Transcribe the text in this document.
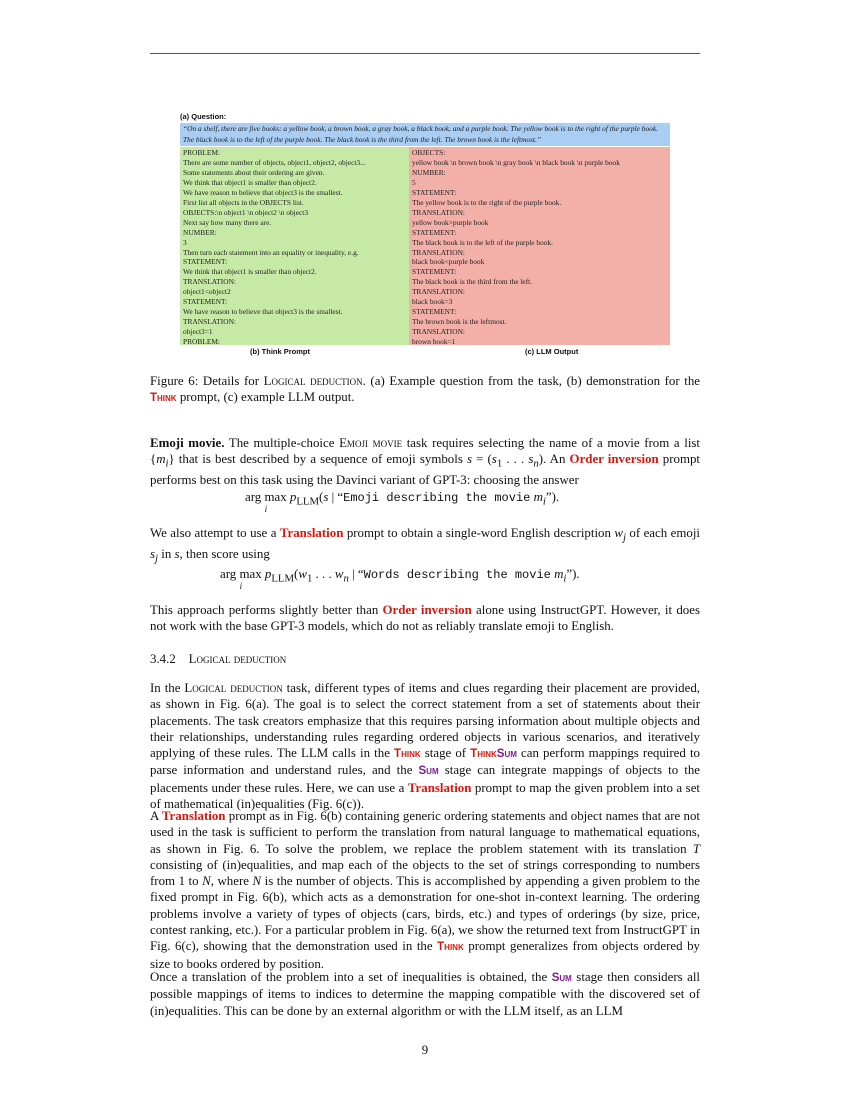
(a) Question:
“On a shelf, there are five books: a yellow book, a brown book, a gray book, a black book, and a purple book. The yellow book is to the right of the purple book. The black book is to the left of the purple book. The black book is the third from the left. The brown book is the leftmost.”
PROBLEM:
There are some number of objects, object1, object2, object3...
Some statements about their ordering are given.
We think that object1 is smaller than object2.
We have reason to believe that object3 is the smallest.
First list all objects in the OBJECTS list.
OBJECTS:\n object1 \n object2 \n object3
Next say how many there are.
NUMBER:
3
Then turn each statement into an equality or inequality, e.g.
STATEMENT:
We think that object1 is smaller than object2.
TRANSLATION:
object1<object2
STATEMENT:
We have reason to believe that object3 is the smallest.
TRANSLATION:
object3=1
PROBLEM:
OBJECTS:
yellow book \n brown book \n gray book \n black book \n purple book
NUMBER:
5
STATEMENT:
The yellow book is to the right of the purple book.
TRANSLATION:
yellow book>purple book
STATEMENT:
The black book is to the left of the purple book.
TRANSLATION:
black book<purple book
STATEMENT:
The black book is the third from the left.
TRANSLATION:
black book=3
STATEMENT:
The brown book is the leftmost.
TRANSLATION:
brown book=1
(b) Think Prompt	(c) LLM Output
Figure 6: Details for Logical deduction. (a) Example question from the task, (b) demonstration for the Think prompt, (c) example LLM output.
Emoji movie. The multiple-choice Emoji movie task requires selecting the name of a movie from a list $\{m_i\}$ that is best described by a sequence of emoji symbols $s = (s_1$ . . . $s_n$). An Order inversion prompt performs best on this task using the Davinci variant of GPT-3: choosing the answer
arg max
i
$p_{LLM}(s$ | “Emoji describing the movie $m_i$”).
We also attempt to use a Translation prompt to obtain a single-word English description $w_j$ of each emoji $s_j$ in s, then score using
arg max
i
$p_{LLM}(w_1$ . . . $w_n$ | “Words describing the movie $m_i$”).
This approach performs slightly better than Order inversion alone using InstructGPT. However, it does not work with the base GPT-3 models, which do not as reliably translate emoji to English.
3.4.2 Logical deduction
In the Logical deduction task, different types of items and clues regarding their placement are provided, as shown in Fig. 6(a). The goal is to select the correct statement from a set of statements about their placements. The task creators emphasize that this requires parsing information about multiple objects and their relationships, understanding rules regarding ordered objects in various scenarios, and iteratively applying of these rules. The LLM calls in the Think stage of ThinkSum can perform mappings required to parse information and understand rules, and the Sum stage can integrate mappings of objects to the placements under these rules. Here, we can use a Translation prompt to map the given problem into a set of mathematical (in)equalities (Fig. 6(c)).
A Translation prompt as in Fig. 6(b) containing generic ordering statements and object names that are not used in the task is sufficient to perform the translation from natural language to mathematical equations, as shown in Fig. 6. To solve the problem, we replace the problem statement with its translation T consisting of (in)equalities, and map each of the objects to the set of strings corresponding to numbers from 1 to N, where N is the number of objects. This is accomplished by appending a given problem to the fixed prompt in Fig. 6(b), which acts as a demonstration for one-shot in-context learning. The ordering problems involve a variety of types of objects (cars, birds, etc.) and types of orderings (by size, price, contest ranking, etc.). For a particular problem in Fig. 6(a), we show the returned text from InstructGPT in Fig. 6(c), showing that the demonstration used in the Think prompt generalizes from objects ordered by size to books ordered by position.
Once a translation of the problem into a set of inequalities is obtained, the Sum stage then considers all possible mappings of items to indices to determine the mapping compatible with the discovered set of (in)equalities. This can be done by an external algorithm or with the LLM itself, as an LLM
9
